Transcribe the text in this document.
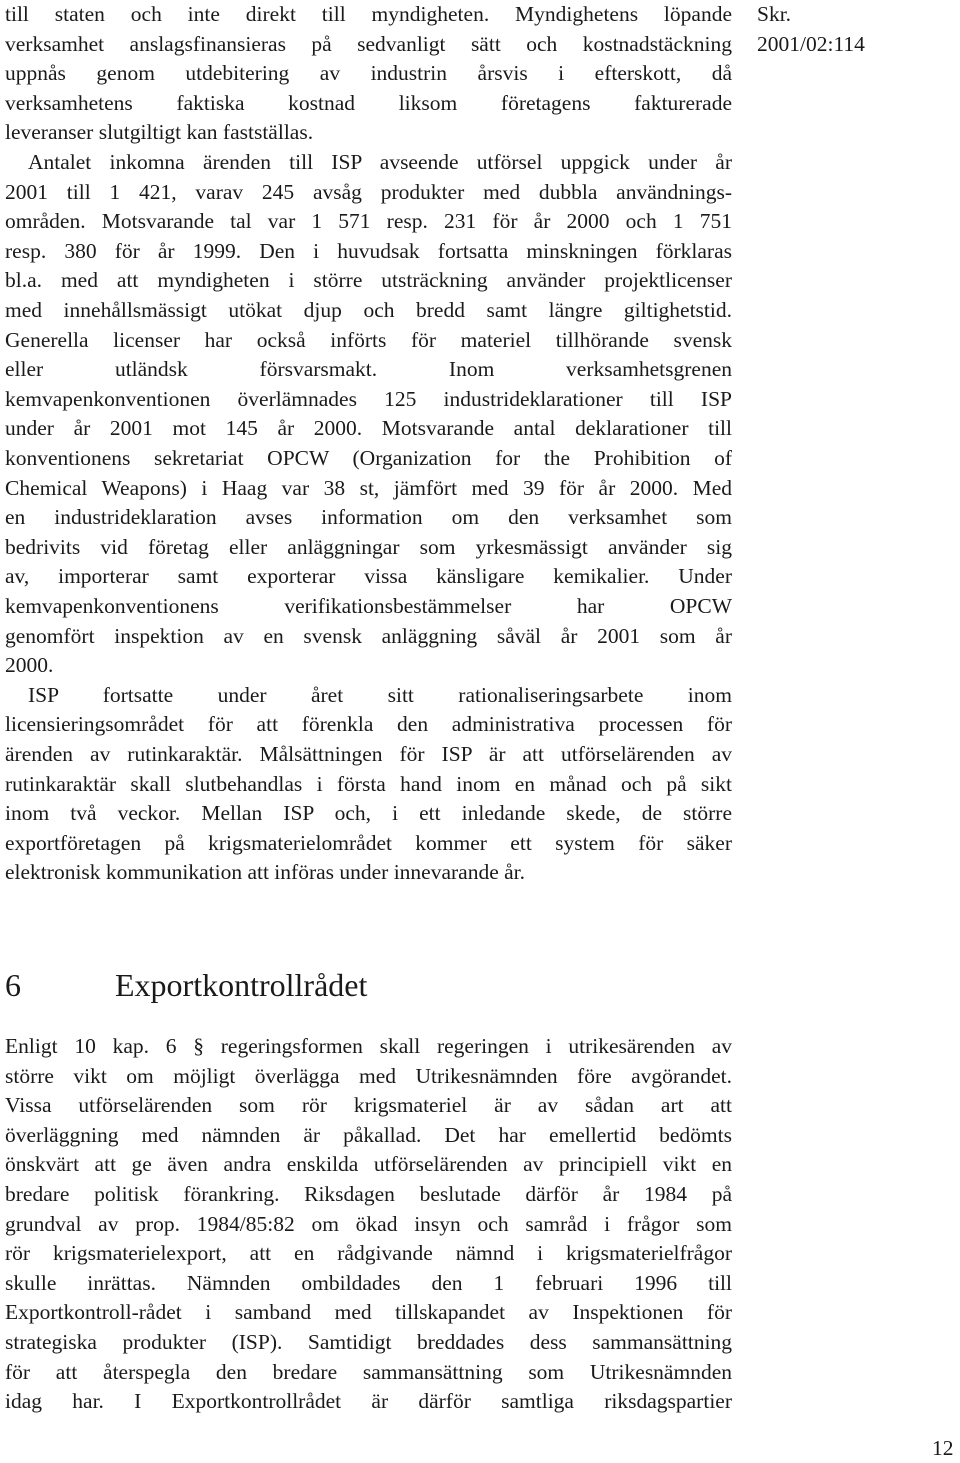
Skr.
2001/02:114
till staten och inte direkt till myndigheten. Myndighetens löpande
verksamhet anslagsfinansieras på sedvanligt sätt och kostnadstäckning
uppnås genom utdebitering av industrin årsvis i efterskott, då
verksamhetens faktiska kostnad liksom företagens fakturerade
leveranser slutgiltigt kan fastställas.
Antalet inkomna ärenden till ISP avseende utförsel uppgick under år
2001 till 1 421, varav 245 avsåg produkter med dubbla användnings-
områden. Motsvarande tal var 1 571 resp. 231 för år 2000 och 1 751
resp. 380 för år 1999. Den i huvudsak fortsatta minskningen förklaras
bl.a. med att myndigheten i större utsträckning använder projektlicenser
med innehållsmässigt utökat djup och bredd samt längre giltighetstid.
Generella licenser har också införts för materiel tillhörande svensk
eller utländsk försvarsmakt. Inom verksamhetsgrenen
kemvapenkonventionen överlämnades 125 industrideklarationer till ISP
under år 2001 mot 145 år 2000. Motsvarande antal deklarationer till
konventionens sekretariat OPCW (Organization for the Prohibition of
Chemical Weapons) i Haag var 38 st, jämfört med 39 för år 2000. Med
en industrideklaration avses information om den verksamhet som
bedrivits vid företag eller anläggningar som yrkesmässigt använder sig
av, importerar samt exporterar vissa känsligare kemikalier. Under
kemvapenkonventionens verifikationsbestämmelser har OPCW
genomfört inspektion av en svensk anläggning såväl år 2001 som år
2000.
ISP fortsatte under året sitt rationaliseringsarbete inom
licensieringsområdet för att förenkla den administrativa processen för
ärenden av rutinkaraktär. Målsättningen för ISP är att utförselärenden av
rutinkaraktär skall slutbehandlas i första hand inom en månad och på sikt
inom två veckor. Mellan ISP och, i ett inledande skede, de större
exportföretagen på krigsmaterielområdet kommer ett system för säker
elektronisk kommunikation att införas under innevarande år.
6	Exportkontrollrådet
Enligt 10 kap. 6 § regeringsformen skall regeringen i utrikesärenden av
större vikt om möjligt överlägga med Utrikesnämnden före avgörandet.
Vissa utförselärenden som rör krigsmateriel är av sådan art att
överläggning med nämnden är påkallad. Det har emellertid bedömts
önskvärt att ge även andra enskilda utförselärenden av principiell vikt en
bredare politisk förankring. Riksdagen beslutade därför år 1984 på
grundval av prop. 1984/85:82 om ökad insyn och samråd i frågor som
rör krigsmaterielexport, att en rådgivande nämnd i krigsmaterielfrågor
skulle inrättas. Nämnden ombildades den 1 februari 1996 till
Exportkontroll-rådet i samband med tillskapandet av Inspektionen för
strategiska produkter (ISP). Samtidigt breddades dess sammansättning
för att återspegla den bredare sammansättning som Utrikesnämnden
idag har. I Exportkontrollrådet är därför samtliga riksdagspartier
12
